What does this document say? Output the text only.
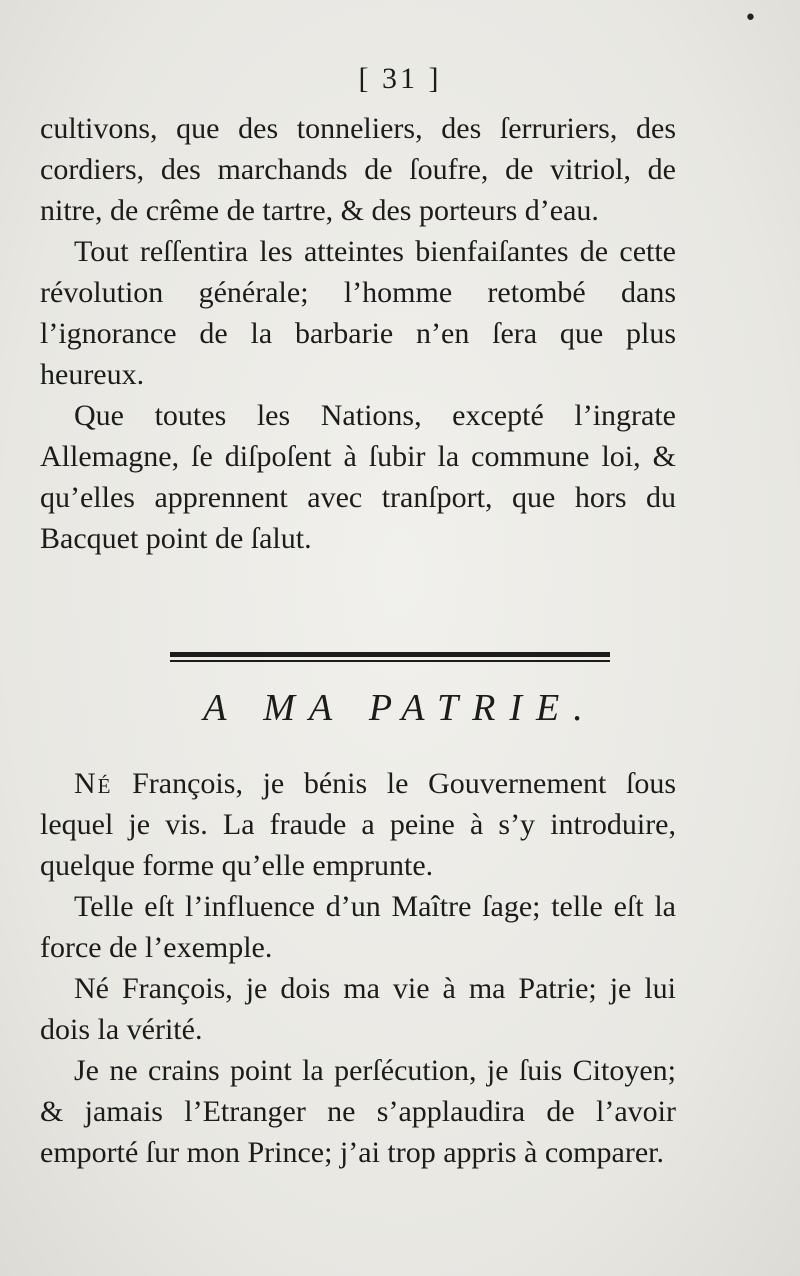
•
[ 31 ]

cultivons, que des tonneliers, des ſerruriers, des cordiers, des marchands de ſoufre, de vitriol, de nitre, de crême de tartre, & des porteurs d’eau.

Tout reſſentira les atteintes bienfaiſantes de cette révolution générale; l’homme retombé dans l’ignorance de la barbarie n’en ſera que plus heureux.

Que toutes les Nations, excepté l’ingrate Allemagne, ſe diſpoſent à ſubir la commune loi, & qu’elles apprennent avec tranſport, que hors du Bacquet point de ſalut.

A MA PATRIE.

Né François, je bénis le Gouvernement ſous lequel je vis. La fraude a peine à s’y introduire, quelque forme qu’elle emprunte.

Telle eſt l’influence d’un Maître ſage; telle eſt la force de l’exemple.

Né François, je dois ma vie à ma Patrie; je lui dois la vérité.

Je ne crains point la perſécution, je ſuis Citoyen; & jamais l’Etranger ne s’applaudira de l’avoir emporté ſur mon Prince; j’ai trop appris à comparer.
